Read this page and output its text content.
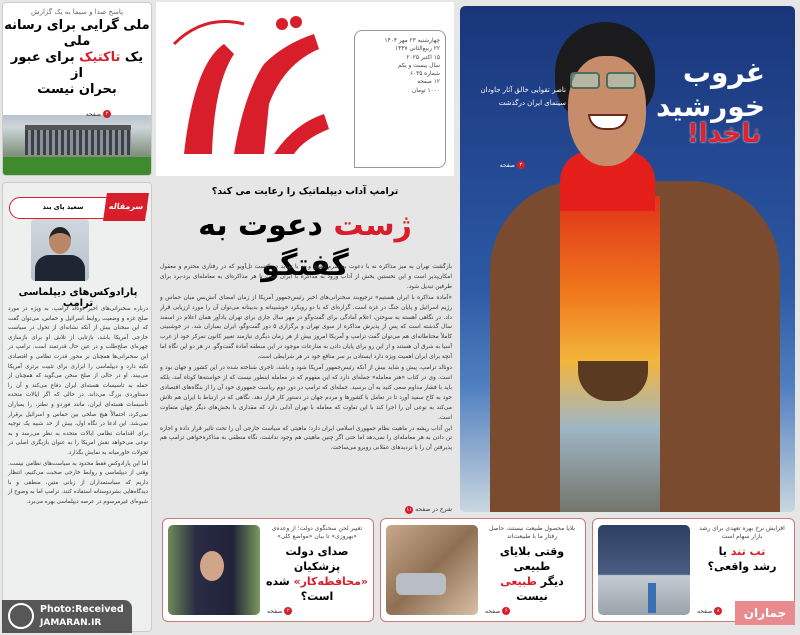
پاسخ صدا و سیما به یک گزارش
ملی گرایی برای رسانه ملی
یک تاکتیک برای عبور از
بحران نیست
۲
صفحه
سرمقاله
سعید پای بند
پارادوکس‌های دیپلماسی ترامپ

درباره سخنرانی‌های اخیر دونالد ترامپ، به ویژه در مورد صلح غزه و وضعیت روابط اسرائیل و حماس، می‌توان گفت که این سخنان بیش از آنکه نشانه‌ای از تحول در سیاست خارجی آمریکا باشد، بازتابی از تلاش او برای بازسازی چهره‌ای صلح‌طلب و در عین حال قدرتمند است. ترامپ در این سخنرانی‌ها همچنان بر محور قدرت نظامی و اقتصادی تکیه دارد و دیپلماسی را ابزاری برای تثبیت برتری آمریکا می‌بیند. او در حالی از صلح سخن می‌گوید که همچنان از حمله به تاسیسات هسته‌ای ایران دفاع می‌کند و آن را دستاوردی بزرگ می‌داند. در حالی که اگر ایالات متحده تأسیسات هسته‌ای ایران، مانند فوردو و نطنز، را بمباران نمی‌کرد، احتمالاً هیچ صلحی بین حماس و اسرائیل برقرار نمی‌شد. این ادعا در نگاه اول، بیش از حد شبیه یک توجیه برای اقدامات نظامی ایالات متحده به نظر می‌رسد و به نوعی می‌خواهد نقش امریکا را به عنوان بازیگری اصلی در تحولات خاورمیانه به نمایش بگذارد.

اما این پارادوکس فقط محدود به سیاست‌های نظامی نیست. وقتی از دیپلماسی و روابط خارجی صحبت می‌کنیم، انتظار داریم که سیاستمداران از زبانی متین، منطقی و با دیدگاه‌هایی بشردوستانه استفاده کنند. ترامپ اما به وضوح از شیوه‌ای غیرمرسوم در عرصه دیپلماسی بهره می‌برد.

Photo:Received
JAMARAN.IR
چهارشنبه ۲۳ مهر ۱۴۰۴
۲۲ ربیع‌الثانی ۱۴۴۷
۱۵ اکتبر ۲۰۲۵
سال بیست و یکم
شماره ۶۰۳۵
۱۲ صفحه
۱۰۰۰ تومان
ترامپ آداب دیپلماتیک را رعایت می کند؟
ژست دعوت به گفتگو

بازگشت تهران به میز مذاکره نه با دعوت به شرم‌الشیخ و نه با تهدید در کنست تل‌آویو که در رفتاری محترم و معقول امکان‌پذیر است و این نخستین بخش از آداب ورود به مذاکره با ایران است تا هر مذاکره‌ای به معامله‌ای برد-برد برای طرفین تبدیل شود.

«آماده مذاکره با ایران هستیم» ترجیع‌بند سخنرانی‌های اخیر رئیس‌جمهور آمریکا از زمان امضای آتش‌بس میان حماس و رژیم اسرائیل و پایان جنگ در غزه است. گزاره‌ای که با دو رویکرد خوشبینانه و بدبینانه می‌توان آن را مورد ارزیابی قرار داد. در نگاهی آهسته به سوختن، اعلام آمادگی برای گفت‌وگو در مهر سال جاری برای تهران یادآور همان اعلام در اسفند سال گذشته است که پس از پذیرش مذاکره از سوی تهران و برگزاری ۵ دور گفت‌وگو، ایران بمباران شد. در خوشبینی کاملاً محتاطانه‌ای هم می‌توان گفت ترامپ و آمریکا امروز بیش از هر زمان دیگری نیازمند تغییر کانون تمرکز خود از غرب آسیا به شرق آن هستند و از این رو برای پایان دادن به منازعات موجود در این منطقه آماده گفت‌وگو. در هر دو این نگاه اما آنچه برای ایران اهمیت ویژه دارد ایستادن بر سر منافع خود در هر شرایطی است.

دونالد ترامپ، پیش و شاید بیش از آنکه رئیس‌جمهور آمریکا شود و باشد، تاجری شناخته شده در این کشور و جهان بود و است. وی در کتاب «هنر معامله» جمله‌ای دارد که این مفهوم که در معامله اینطور نیست که از خواسته‌ها کوتاه آمد، بلکه باید با فشار مداوم سعی کنید به آن برسید. جمله‌ای که ترامپ در دور دوم ریاست جمهوری خود آن را از بنگاه‌های اقتصادی خود به کاخ سفید آورد تا در تعامل با کشورها و مردم جهان در دستور کار قرار دهد. نگاهی که در ارتباط با ایران هم تلاش می‌کند به نوعی آن را اجرا کند با این تفاوت که معامله با تهران آدابی دارد که مقداری با بخش‌های دیگر جهان متفاوت است.

این آداب ریشه در ماهیت نظام جمهوری اسلامی ایران دارد؛ ماهیتی که سیاست خارجی آن را تحت تاثیر قرار داده و اجازه تن دادن به هر معامله‌ای را نمی‌دهد اما حتی اگر چنین ماهیتی هم وجود نداشت، نگاه منطقی به مذاکره‌خواهی ترامپ هم پذیرفتن آن را با تردیدهای عقلانی روبرو می‌ساخت.

شرح در صفحه
۱۱
غروب
خورشید
ناخدا!
ناصر تقوایی خالق آثار جاودان سینمای ایران درگذشت
۲
صفحه
تغییر لحن سخنگوی دولت؛ از وعده‌ی «بهروزی» تا بیان «مواضع کلی»
صدای دولت پزشکیان
«محافظه‌کار» شده است؟
۲
صفحه
بلایا محصول طبیعت نیستند، حاصل رفتار ما با طبیعت‌اند
وقتی بلایای طبیعی
دیگر طبیعی نیست
۶
صفحه
افزایش نرخ بهره تعهدی برای رشد بازار سهام است
تب تند یا
رشد واقعی؟
۸
صفحه	جماران
